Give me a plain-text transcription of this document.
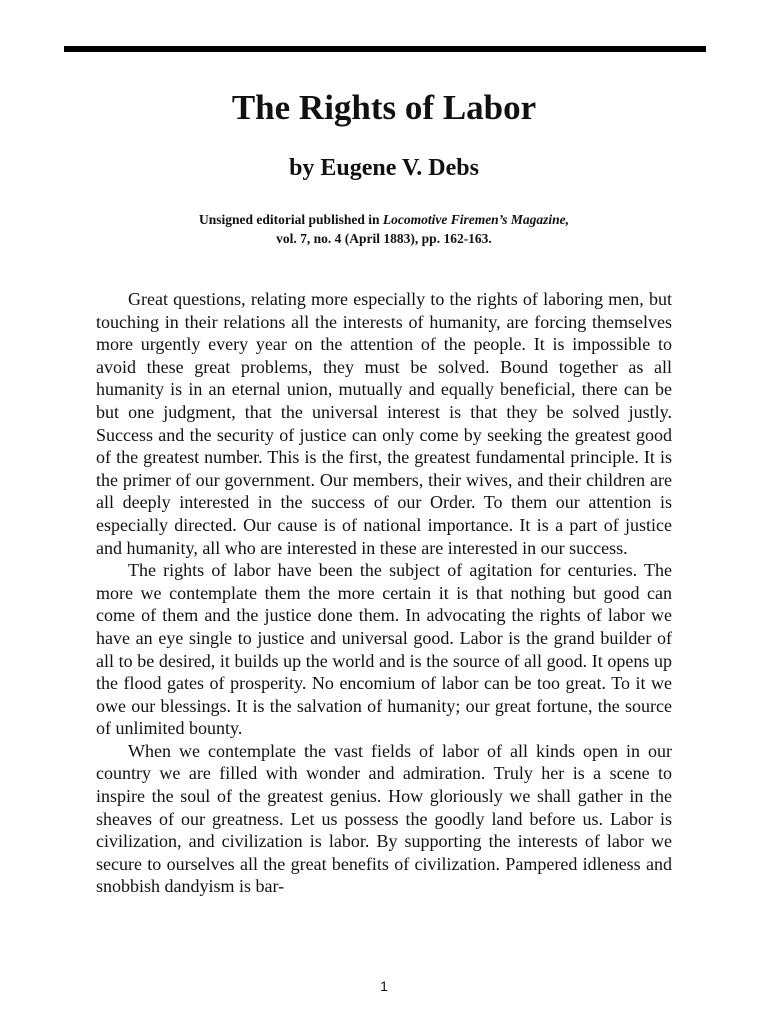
The Rights of Labor
by Eugene V. Debs
Unsigned editorial published in Locomotive Firemen’s Magazine,
vol. 7, no. 4 (April 1883), pp. 162-163.

Great questions, relating more especially to the rights of laboring men, but touching in their relations all the interests of humanity, are forcing themselves more urgently every year on the attention of the people. It is impossible to avoid these great problems, they must be solved. Bound together as all humanity is in an eternal union, mutually and equally beneficial, there can be but one judgment, that the universal interest is that they be solved justly. Success and the security of justice can only come by seeking the greatest good of the greatest number. This is the first, the greatest fundamental principle. It is the primer of our government. Our members, their wives, and their children are all deeply interested in the success of our Order. To them our attention is especially directed. Our cause is of national importance. It is a part of justice and humanity, all who are interested in these are interested in our success.

The rights of labor have been the subject of agitation for centuries. The more we contemplate them the more certain it is that nothing but good can come of them and the justice done them. In advocating the rights of labor we have an eye single to justice and universal good. Labor is the grand builder of all to be desired, it builds up the world and is the source of all good. It opens up the flood gates of prosperity. No encomium of labor can be too great. To it we owe our blessings. It is the salvation of humanity; our great fortune, the source of unlimited bounty.

When we contemplate the vast fields of labor of all kinds open in our country we are filled with wonder and admiration. Truly her is a scene to inspire the soul of the greatest genius. How gloriously we shall gather in the sheaves of our greatness. Let us possess the goodly land before us. Labor is civilization, and civilization is labor. By supporting the interests of labor we secure to ourselves all the great benefits of civilization. Pampered idleness and snobbish dandyism is bar-

1
